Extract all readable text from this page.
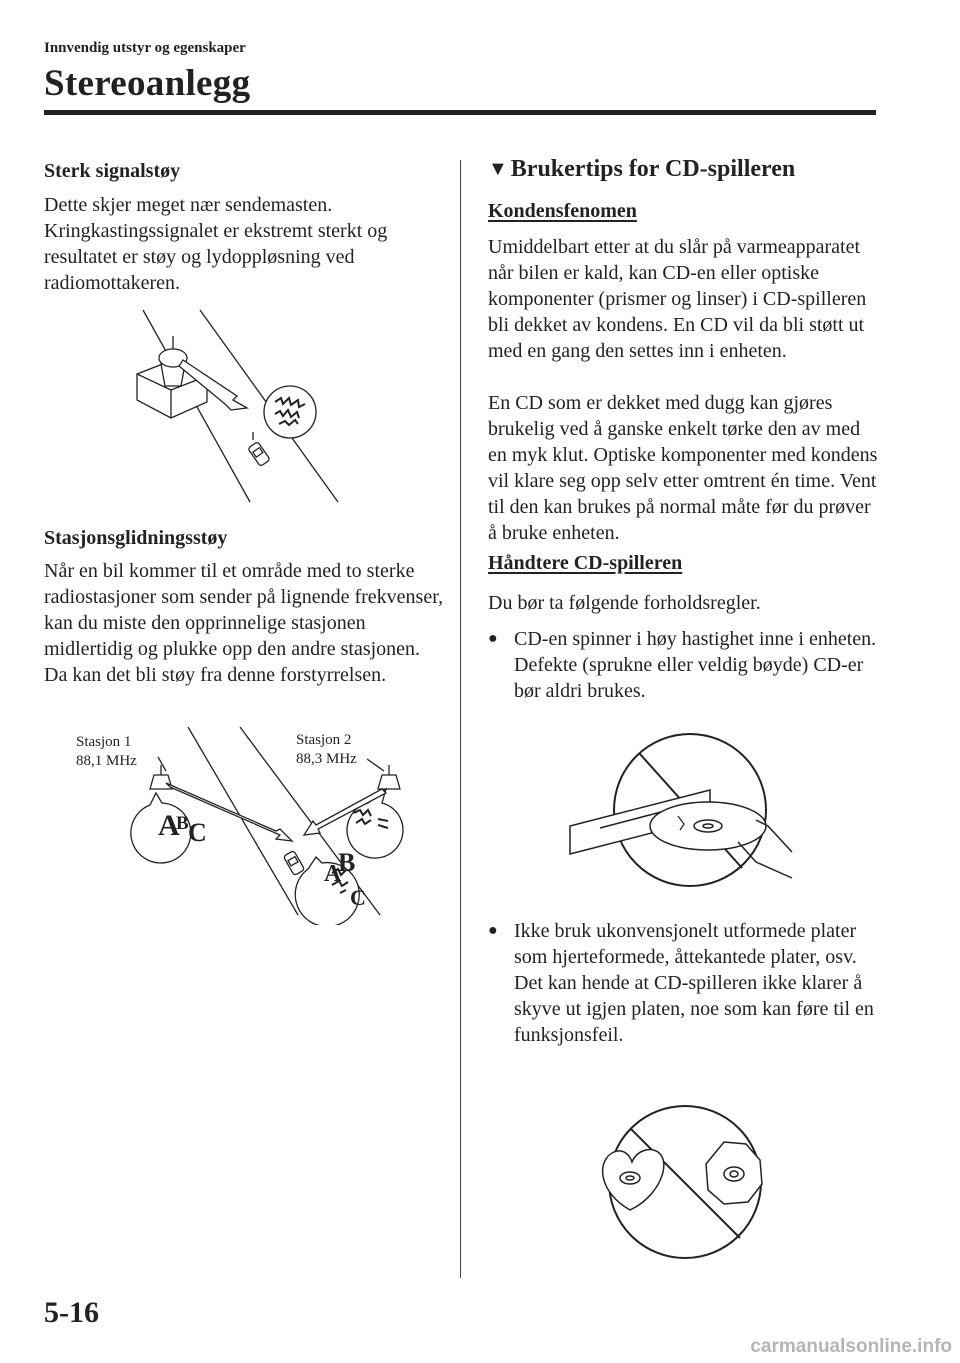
Innvendig utstyr og egenskaper
Stereoanlegg
Sterk signalstøy
Dette skjer meget nær sendemasten. Kringkastingssignalet er ekstremt sterkt og resultatet er støy og lydoppløsning ved radiomottakeren.
Stasjonsglidningsstøy
Når en bil kommer til et område med to sterke radiostasjoner som sender på lignende frekvenser, kan du miste den opprinnelige stasjonen midlertidig og plukke opp den andre stasjonen. Da kan det bli støy fra denne forstyrrelsen.
Stasjon 1
88,1 MHz
Stasjon 2
88,3 MHz
A
B C
A
B
C
▼ Brukertips for CD-spilleren
Kondensfenomen
Umiddelbart etter at du slår på varmeapparatet når bilen er kald, kan CD-en eller optiske komponenter (prismer og linser) i CD-spilleren bli dekket av kondens. En CD vil da bli støtt ut med en gang den settes inn i enheten.
En CD som er dekket med dugg kan gjøres brukelig ved å ganske enkelt tørke den av med en myk klut. Optiske komponenter med kondens vil klare seg opp selv etter omtrent én time. Vent til den kan brukes på normal måte før du prøver å bruke enheten.
Håndtere CD-spilleren
Du bør ta følgende forholdsregler.
● CD-en spinner i høy hastighet inne i enheten. Defekte (sprukne eller veldig bøyde) CD-er bør aldri brukes.
● Ikke bruk ukonvensjonelt utformede plater som hjerteformede, åttekantede plater, osv. Det kan hende at CD-spilleren ikke klarer å skyve ut igjen platen, noe som kan føre til en funksjonsfeil.
5-16
carmanualsonline.info
